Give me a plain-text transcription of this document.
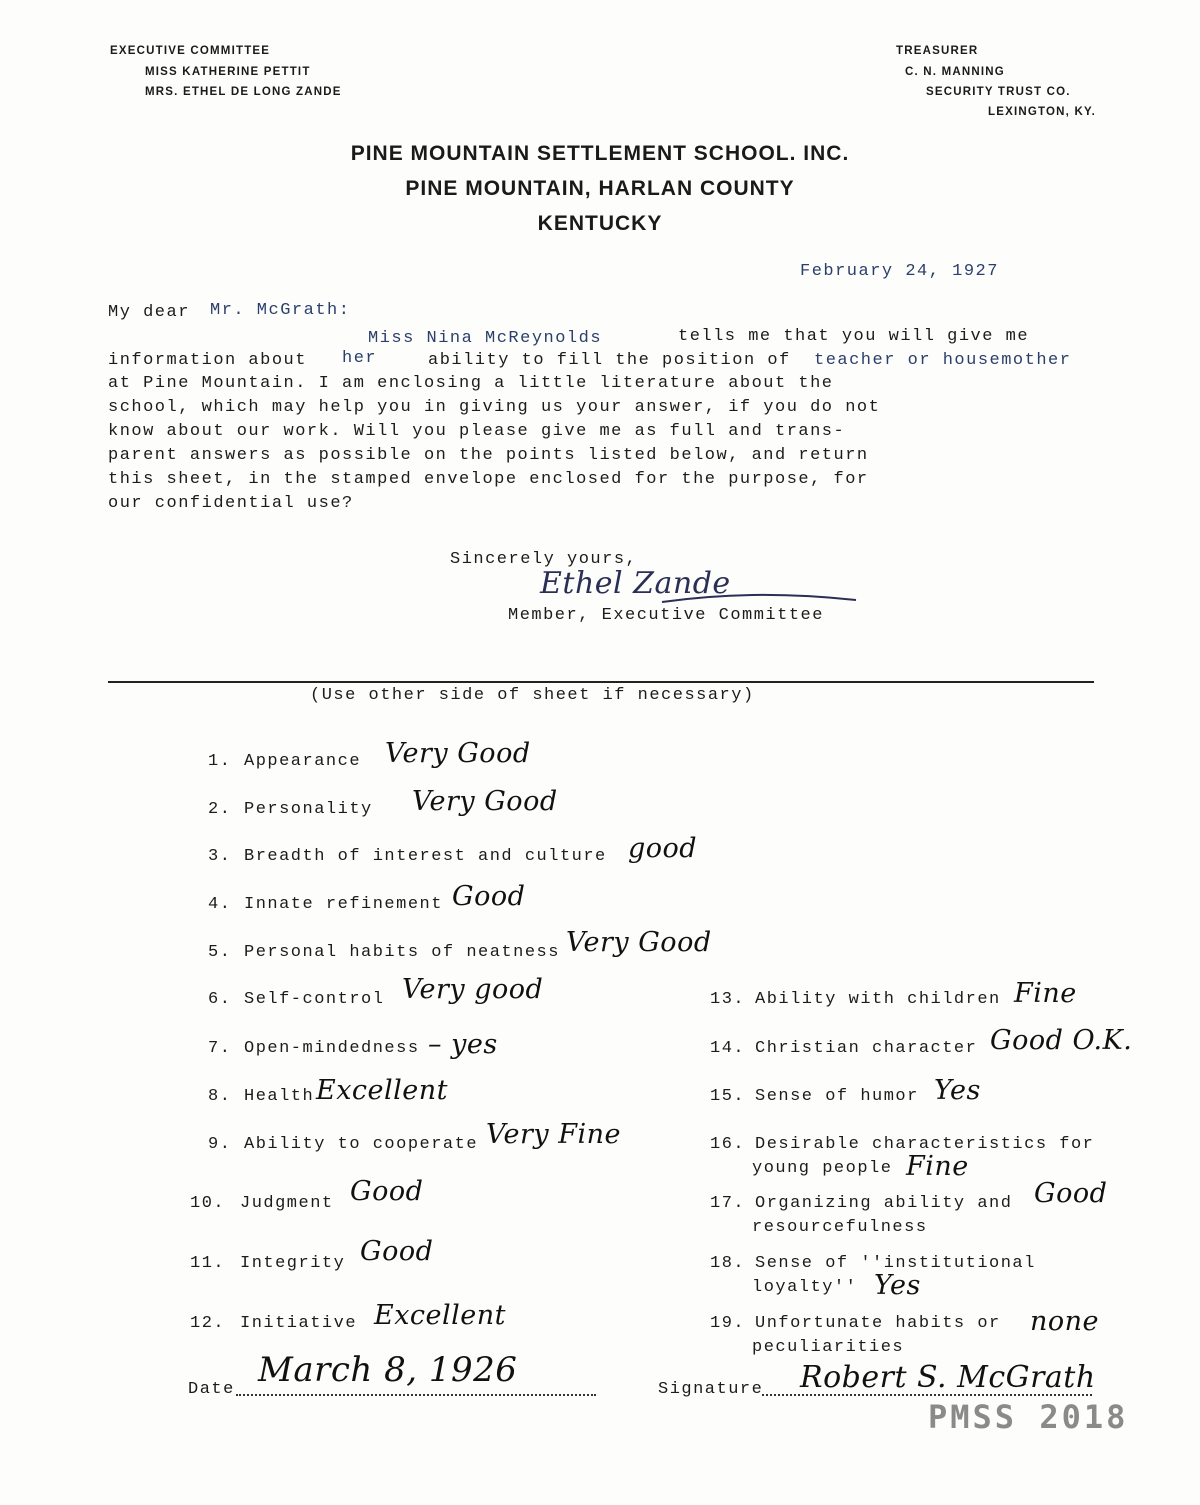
EXECUTIVE COMMITTEE
MISS KATHERINE PETTIT
MRS. ETHEL DE LONG ZANDE
TREASURER
C. N. MANNING
SECURITY TRUST CO.
LEXINGTON, KY.
PINE MOUNTAIN SETTLEMENT SCHOOL. INC.
PINE MOUNTAIN, HARLAN COUNTY
KENTUCKY
February 24, 1927
My dear Mr. McGrath:
Miss Nina McReynolds	tells me that you will give me
information about her	ability to fill the position of teacher or housemother
at Pine Mountain. I am enclosing a little literature about the
school, which may help you in giving us your answer, if you do not
know about our work. Will you please give me as full and trans-
parent answers as possible on the points listed below, and return
this sheet, in the stamped envelope enclosed for the purpose, for
our confidential use?
Sincerely yours,
Ethel Zande
Member, Executive Committee
(Use other side of sheet if necessary)
1. Appearance Very Good
2. Personality Very Good
3. Breadth of interest and culture good
4. Innate refinement Good
5. Personal habits of neatness Very Good
6. Self-control Very good
7. Open-mindedness – yes
8. Health Excellent
9. Ability to cooperate Very Fine
10. Judgment Good
11. Integrity Good
12. Initiative Excellent
13. Ability with children Fine
14. Christian character Good O.K.
15. Sense of humor Yes
16. Desirable characteristics for
young people Fine
17. Organizing ability and
resourcefulness
Good
18. Sense of ''institutional
loyalty'' Yes
19. Unfortunate habits or
peculiarities
none
Date March 8, 1926	Signature Robert S. McGrath
PMSS 2018
